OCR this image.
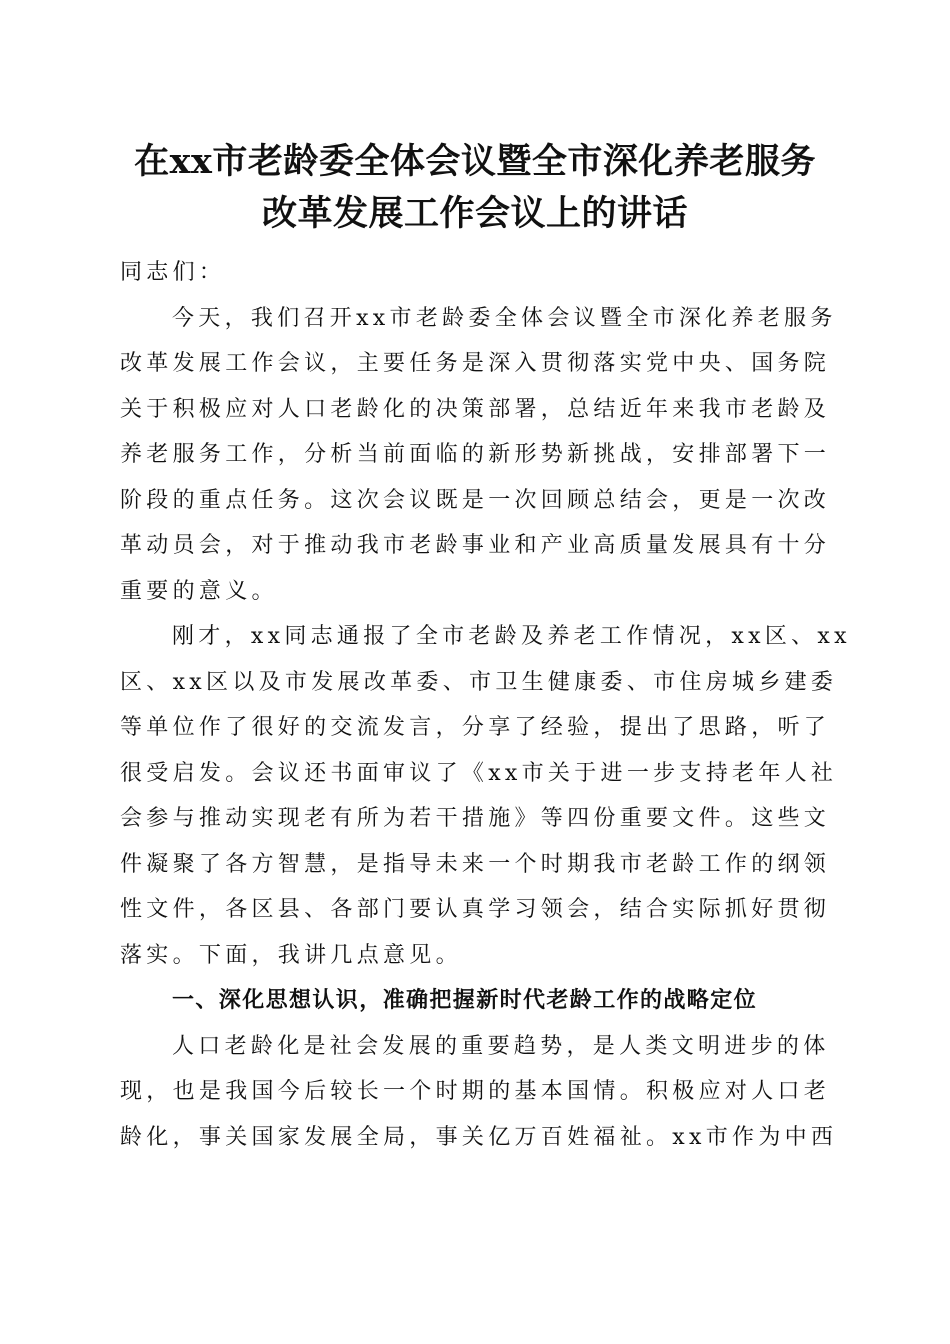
在xx市老龄委全体会议暨全市深化养老服务
改革发展工作会议上的讲话
同志们：
今天，我们召开xx市老龄委全体会议暨全市深化养老服务
改革发展工作会议，主要任务是深入贯彻落实党中央、国务院
关于积极应对人口老龄化的决策部署，总结近年来我市老龄及
养老服务工作，分析当前面临的新形势新挑战，安排部署下一
阶段的重点任务。这次会议既是一次回顾总结会，更是一次改
革动员会，对于推动我市老龄事业和产业高质量发展具有十分
重要的意义。
刚才，xx同志通报了全市老龄及养老工作情况，xx区、xx
区、xx区以及市发展改革委、市卫生健康委、市住房城乡建委
等单位作了很好的交流发言，分享了经验，提出了思路，听了
很受启发。会议还书面审议了《xx市关于进一步支持老年人社
会参与推动实现老有所为若干措施》等四份重要文件。这些文
件凝聚了各方智慧，是指导未来一个时期我市老龄工作的纲领
性文件，各区县、各部门要认真学习领会，结合实际抓好贯彻
落实。下面，我讲几点意见。
一、深化思想认识，准确把握新时代老龄工作的战略定位
人口老龄化是社会发展的重要趋势，是人类文明进步的体
现，也是我国今后较长一个时期的基本国情。积极应对人口老
龄化，事关国家发展全局，事关亿万百姓福祉。xx市作为中西
